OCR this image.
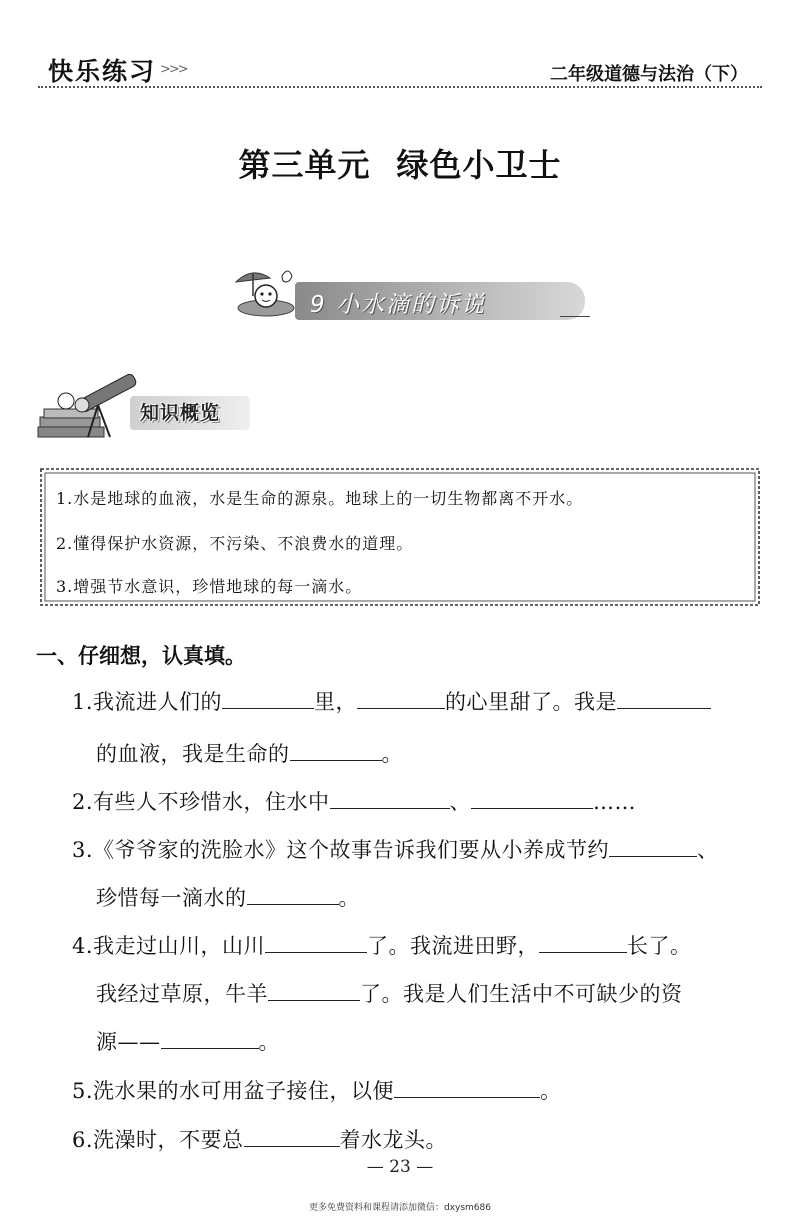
快乐练习 >>>	二年级道德与法治（下）
第三单元 绿色小卫士
9 小水滴的诉说
知识概览
1.水是地球的血液，水是生命的源泉。地球上的一切生物都离不开水。
2.懂得保护水资源，不污染、不浪费水的道理。
3.增强节水意识，珍惜地球的每一滴水。
一、仔细想，认真填。
1.我流进人们的	里，	的心里甜了。我是
的血液，我是生命的	。
2.有些人不珍惜水，住水中	、	……
3.《爷爷家的洗脸水》这个故事告诉我们要从小养成节约	、
珍惜每一滴水的	。
4.我走过山川，山川	了。我流进田野，	长了。
我经过草原，牛羊	了。我是人们生活中不可缺少的资
源——	。
5.洗水果的水可用盆子接住，以便	。
6.洗澡时，不要总	着水龙头。
— 23 —
更多免费资料和课程请添加微信：dxysm686
